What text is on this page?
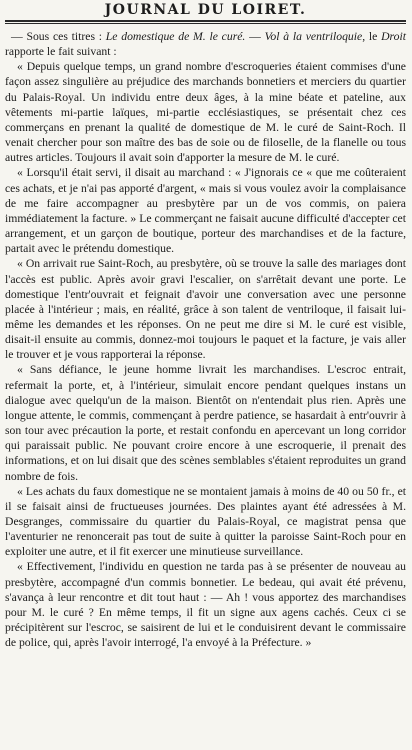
JOURNAL DU LOIRET.

— Sous ces titres : Le domestique de M. le curé. — Vol à la ventriloquie, le Droit rapporte le fait suivant :

« Depuis quelque temps, un grand nombre d'escroqueries étaient commises d'une façon assez singulière au préjudice des marchands bonnetiers et merciers du quartier du Palais-Royal. Un individu entre deux âges, à la mine béate et pateline, aux vêtements mi-partie laïques, mi-partie ecclésiastiques, se présentait chez ces commerçans en prenant la qualité de domestique de M. le curé de Saint-Roch. Il venait chercher pour son maître des bas de soie ou de filoselle, de la flanelle ou tous autres articles. Toujours il avait soin d'apporter la mesure de M. le curé.

« Lorsqu'il était servi, il disait au marchand : « J'ignorais ce « que me coûteraient ces achats, et je n'ai pas apporté d'argent, « mais si vous voulez avoir la complaisance de me faire accompagner au presbytère par un de vos commis, on paiera immédiatement la facture. » Le commerçant ne faisait aucune difficulté d'accepter cet arrangement, et un garçon de boutique, porteur des marchandises et de la facture, partait avec le prétendu domestique.

« On arrivait rue Saint-Roch, au presbytère, où se trouve la salle des mariages dont l'accès est public. Après avoir gravi l'escalier, on s'arrêtait devant une porte. Le domestique l'entr'ouvrait et feignait d'avoir une conversation avec une personne placée à l'intérieur ; mais, en réalité, grâce à son talent de ventriloque, il faisait lui-même les demandes et les réponses. On ne peut me dire si M. le curé est visible, disait-il ensuite au commis, donnez-moi toujours le paquet et la facture, je vais aller le trouver et je vous rapporterai la réponse.

« Sans défiance, le jeune homme livrait les marchandises. L'escroc entrait, refermait la porte, et, à l'intérieur, simulait encore pendant quelques instans un dialogue avec quelqu'un de la maison. Bientôt on n'entendait plus rien. Après une longue attente, le commis, commençant à perdre patience, se hasardait à entr'ouvrir à son tour avec précaution la porte, et restait confondu en apercevant un long corridor qui paraissait public. Ne pouvant croire encore à une escroquerie, il prenait des informations, et on lui disait que des scènes semblables s'étaient reproduites un grand nombre de fois.

« Les achats du faux domestique ne se montaient jamais à moins de 40 ou 50 fr., et il se faisait ainsi de fructueuses journées. Des plaintes ayant été adressées à M. Desgranges, commissaire du quartier du Palais-Royal, ce magistrat pensa que l'aventurier ne renoncerait pas tout de suite à quitter la paroisse Saint-Roch pour en exploiter une autre, et il fit exercer une minutieuse surveillance.

« Effectivement, l'individu en question ne tarda pas à se présenter de nouveau au presbytère, accompagné d'un commis bonnetier. Le bedeau, qui avait été prévenu, s'avança à leur rencontre et dit tout haut : — Ah ! vous apportez des marchandises pour M. le curé ? En même temps, il fit un signe aux agens cachés. Ceux ci se précipitèrent sur l'escroc, se saisirent de lui et le conduisirent devant le commissaire de police, qui, après l'avoir interrogé, l'a envoyé à la Préfecture. »
